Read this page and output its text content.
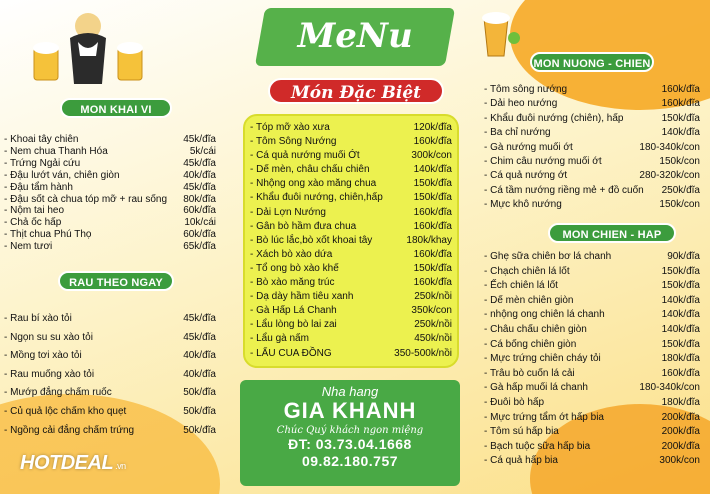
MeNu
MON KHAI VI
- Khoai tây chiên	45k/đĩa
- Nem chua Thanh Hóa	5k/cái
- Trứng Ngải cứu	45k/đĩa
- Đậu lướt ván, chiên giòn	40k/đĩa
- Đậu tẩm hành	45k/đĩa
- Đậu sốt cà chua tóp mỡ + rau sống 80k/đĩa
- Nộm tai heo	60k/đĩa
- Chả ốc hấp	10k/cái
- Thịt chua Phú Thọ	60k/đĩa
- Nem tươi	65k/đĩa
RAU THEO NGAY
- Rau bí xào tỏi	45k/đĩa
- Ngọn su su xào tỏi	45k/đĩa
- Mồng tơi xào tỏi	40k/đĩa
- Rau muống xào tỏi	40k/đĩa
- Mướp đắng chấm ruốc	50k/đĩa
- Củ quả lộc chấm kho quẹt	50k/đĩa
- Ngồng cải đắng chấm trứng	50k/đĩa
Món Đặc Biệt
- Tóp mỡ xào xưa	120k/đĩa
- Tôm Sông Nướng	160k/đĩa
- Cá quả nướng muối Ớt	300k/con
- Dế mèn, châu chấu chiên	140k/đĩa
- Nhộng ong xào măng chua	150k/đĩa
- Khẩu đuôi nướng, chiên,hấp	150k/đĩa
- Dải Lợn Nướng	160k/đĩa
- Gân bò hầm đưa chua	160k/đĩa
- Bò lúc lắc,bò xốt khoai tây	180k/khay
- Xách bò xào dứa	160k/đĩa
- Tổ ong bò xào khế	150k/đĩa
- Bò xào măng trúc	160k/đĩa
- Dạ dày hầm tiêu xanh	250k/nồi
- Gà Hấp Lá Chanh	350k/con
- Lẩu lòng bò lai zai	250k/nồi
- Lẩu gà nấm	450k/nồi
- LẨU CUA ĐỒNG	350-500k/nồi
Nha hang
GIA KHANH
Chúc Quý khách ngon miệng
ĐT: 03.73.04.1668
09.82.180.757
MON NUONG - CHIEN
- Tôm sông nướng	160k/đĩa
- Dải heo nướng	160k/đĩa
- Khẩu đuôi nướng (chiên), hấp	150k/đĩa
- Ba chỉ nướng	140k/đĩa
- Gà nướng muối ớt	180-340k/con
- Chim câu nướng muối ớt	150k/con
- Cá quả nướng ớt	280-320k/con
- Cá tầm nướng riềng mẻ + đồ cuốn 250k/đĩa
- Mực khô nướng	150k/con
MON CHIEN - HAP
- Ghẹ sữa chiên bơ lá chanh	90k/đĩa
- Chạch chiên lá lốt	150k/đĩa
- Ếch chiên lá lốt	150k/đĩa
- Dế mèn chiên giòn	140k/đĩa
- nhộng ong chiên lá chanh	140k/đĩa
- Châu chấu chiên giòn	140k/đĩa
- Cá bống chiên giòn	150k/đĩa
- Mực trứng chiên cháy tỏi	180k/đĩa
- Trâu bò cuốn lá cải	160k/đĩa
- Gà hấp muối lá chanh	180-340k/con
- Đuôi bò hấp	180k/đĩa
- Mực trứng tẩm ớt hấp bia	200k/đĩa
- Tôm sú hấp bia	200k/đĩa
- Bạch tuộc sữa hấp bia	200k/đĩa
- Cá quả hấp bia	300k/con
HOTDEAL .vn
